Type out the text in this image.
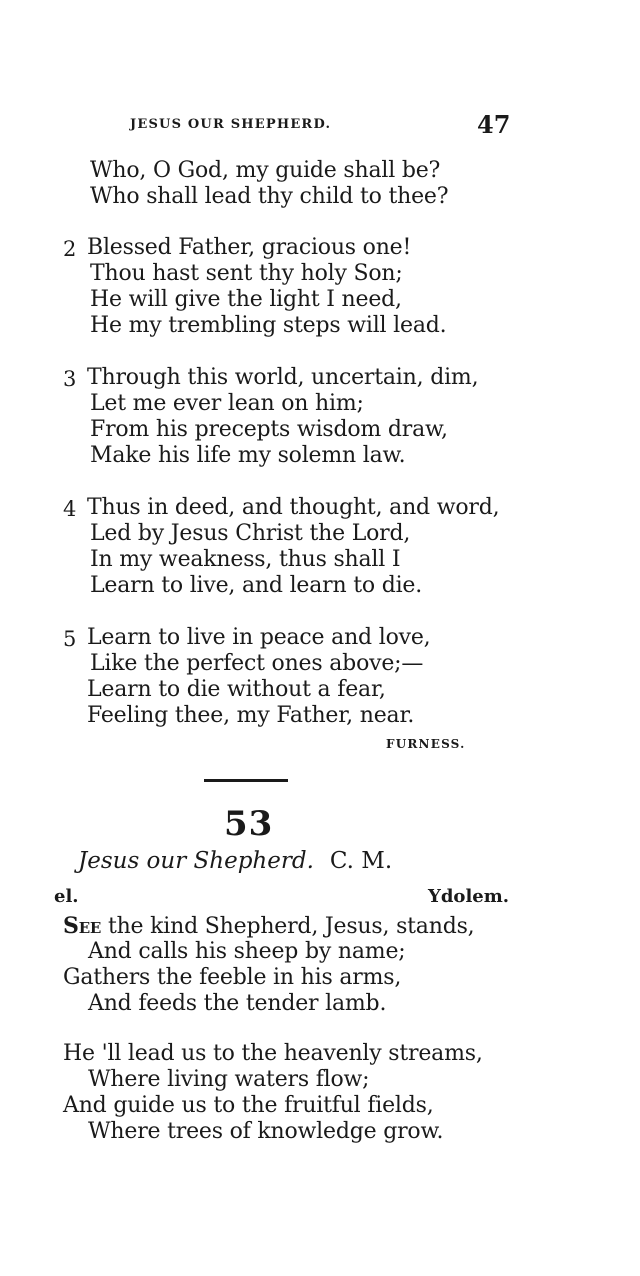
JESUS OUR SHEPHERD.	47
Who, O God, my guide shall be?
Who shall lead thy child to thee?
2 Blessed Father, gracious one!
Thou hast sent thy holy Son;
He will give the light I need,
He my trembling steps will lead.
3 Through this world, uncertain, dim,
Let me ever lean on him;
From his precepts wisdom draw,
Make his life my solemn law.
4 Thus in deed, and thought, and word,
Led by Jesus Christ the Lord,
In my weakness, thus shall I
Learn to live, and learn to die.
5 Learn to live in peace and love,
Like the perfect ones above;—
Learn to die without a fear,
Feeling thee, my Father, near.
FURNESS.
53
Jesus our Shepherd. C. M.
el.	Ydolem.
See the kind Shepherd, Jesus, stands,
And calls his sheep by name;
Gathers the feeble in his arms,
And feeds the tender lamb.
He 'll lead us to the heavenly streams,
Where living waters flow;
And guide us to the fruitful fields,
Where trees of knowledge grow.
